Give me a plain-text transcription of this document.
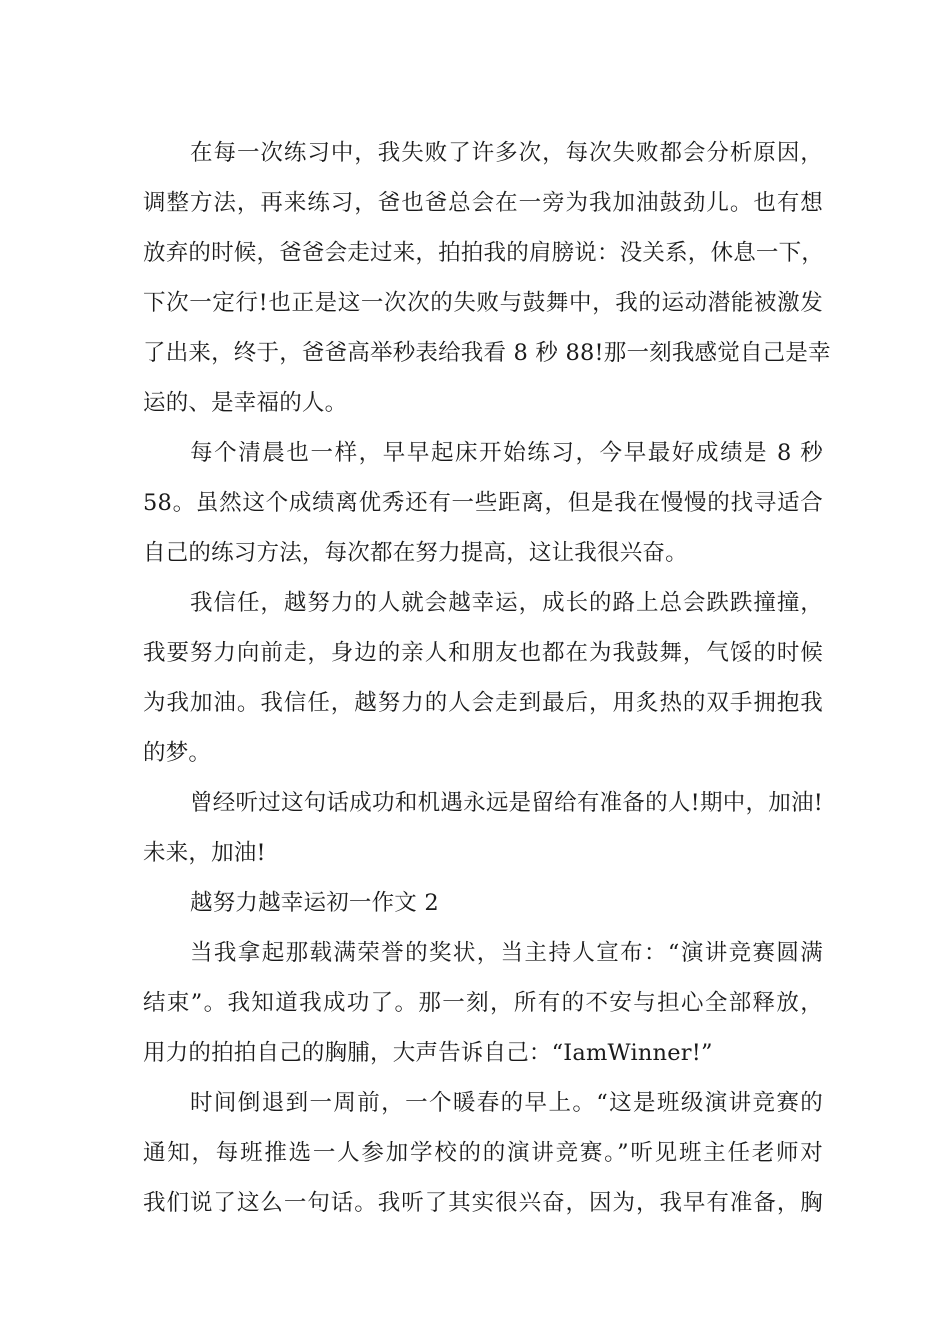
在每一次练习中，我失败了许多次，每次失败都会分析原因，
调整方法，再来练习，爸也爸总会在一旁为我加油鼓劲儿。也有想
放弃的时候，爸爸会走过来，拍拍我的肩膀说：没关系，休息一下，
下次一定行!也正是这一次次的失败与鼓舞中，我的运动潜能被激发
了出来，终于，爸爸高举秒表给我看 8 秒 88!那一刻我感觉自己是幸
运的、是幸福的人。
每个清晨也一样，早早起床开始练习，今早最好成绩是 8 秒
58。虽然这个成绩离优秀还有一些距离，但是我在慢慢的找寻适合
自己的练习方法，每次都在努力提高，这让我很兴奋。
我信任，越努力的人就会越幸运，成长的路上总会跌跌撞撞，
我要努力向前走，身边的亲人和朋友也都在为我鼓舞，气馁的时候
为我加油。我信任，越努力的人会走到最后，用炙热的双手拥抱我
的梦。
曾经听过这句话成功和机遇永远是留给有准备的人!期中，加油!
未来，加油!
越努力越幸运初一作文 2
当我拿起那载满荣誉的奖状，当主持人宣布：“演讲竞赛圆满
结束”。我知道我成功了。那一刻，所有的不安与担心全部释放，
用力的拍拍自己的胸脯，大声告诉自己：“IamWinner!”
时间倒退到一周前，一个暖春的早上。“这是班级演讲竞赛的
通知，每班推选一人参加学校的的演讲竞赛。”听见班主任老师对
我们说了这么一句话。我听了其实很兴奋，因为，我早有准备，胸
